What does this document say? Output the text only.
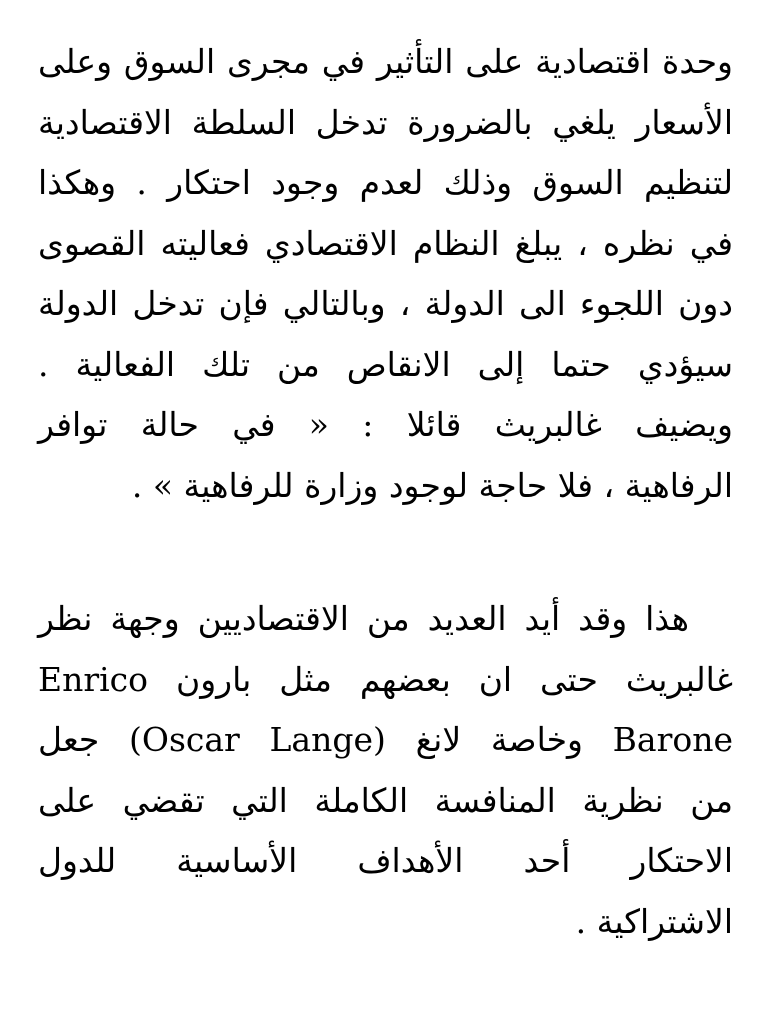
وحدة اقتصادية على التأثير في مجرى السوق وعلى
الأسعار يلغي بالضرورة تدخل السلطة الاقتصادية
لتنظيم السوق وذلك لعدم وجود احتكار . وهكذا
في نظره ، يبلغ النظام الاقتصادي فعاليته القصوى
دون اللجوء الى الدولة ، وبالتالي فإن تدخل الدولة
سيؤدي حتما إلى الانقاص من تلك الفعالية .
ويضيف غالبريث قائلا : « في حالة توافر
الرفاهية ، فلا حاجة لوجود وزارة للرفاهية » .

هذا وقد أيد العديد من الاقتصاديين وجهة نظر
غالبريث حتى ان بعضهم مثل بارون Enrico
Barone وخاصة لانغ (Oscar Lange) جعل
من نظرية المنافسة الكاملة التي تقضي على
الاحتكار أحد الأهداف الأساسية للدول
الاشتراكية .
